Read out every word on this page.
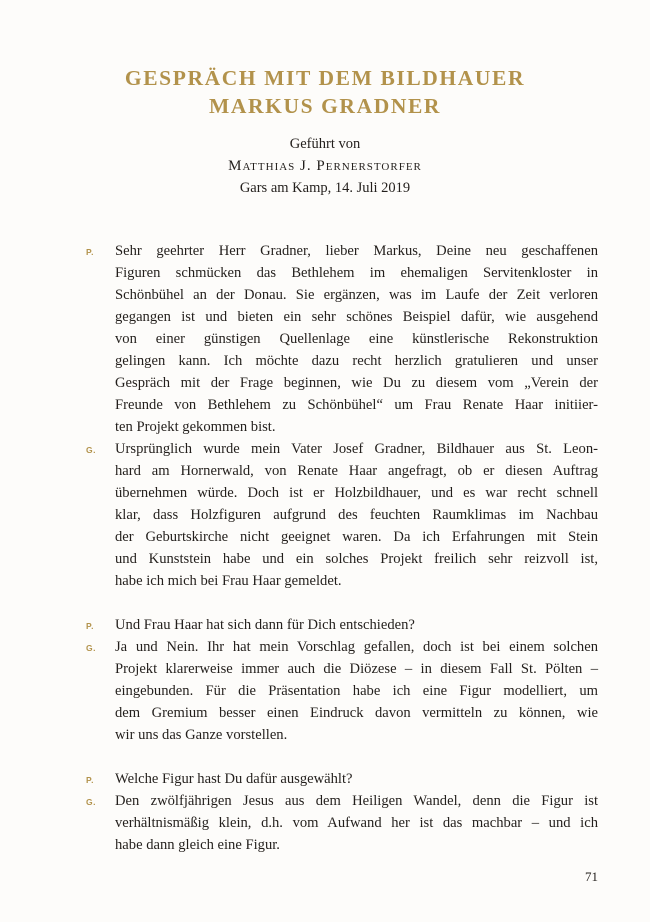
GESPRÄCH MIT DEM BILDHAUER
MARKUS GRADNER
Geführt von
Matthias J. Pernerstorfer
Gars am Kamp, 14. Juli 2019
P.	Sehr geehrter Herr Gradner, lieber Markus, Deine neu geschaffenen
Figuren schmücken das Bethlehem im ehemaligen Servitenkloster in
Schönbühel an der Donau. Sie ergänzen, was im Laufe der Zeit verloren
gegangen ist und bieten ein sehr schönes Beispiel dafür, wie ausgehend
von einer günstigen Quellenlage eine künstlerische Rekonstruktion
gelingen kann. Ich möchte dazu recht herzlich gratulieren und unser
Gespräch mit der Frage beginnen, wie Du zu diesem vom „Verein der
Freunde von Bethlehem zu Schönbühel“ um Frau Renate Haar initiier-
ten Projekt gekommen bist.
G.	Ursprünglich wurde mein Vater Josef Gradner, Bildhauer aus St. Leon-
hard am Hornerwald, von Renate Haar angefragt, ob er diesen Auftrag
übernehmen würde. Doch ist er Holzbildhauer, und es war recht schnell
klar, dass Holzfiguren aufgrund des feuchten Raumklimas im Nachbau
der Geburtskirche nicht geeignet waren. Da ich Erfahrungen mit Stein
und Kunststein habe und ein solches Projekt freilich sehr reizvoll ist,
habe ich mich bei Frau Haar gemeldet.
P.	Und Frau Haar hat sich dann für Dich entschieden?
G.	Ja und Nein. Ihr hat mein Vorschlag gefallen, doch ist bei einem solchen
Projekt klarerweise immer auch die Diözese – in diesem Fall St. Pölten –
eingebunden. Für die Präsentation habe ich eine Figur modelliert, um
dem Gremium besser einen Eindruck davon vermitteln zu können, wie
wir uns das Ganze vorstellen.
P.	Welche Figur hast Du dafür ausgewählt?
G.	Den zwölfjährigen Jesus aus dem Heiligen Wandel, denn die Figur ist
verhältnismäßig klein, d.h. vom Aufwand her ist das machbar – und ich
habe dann gleich eine Figur.
71
